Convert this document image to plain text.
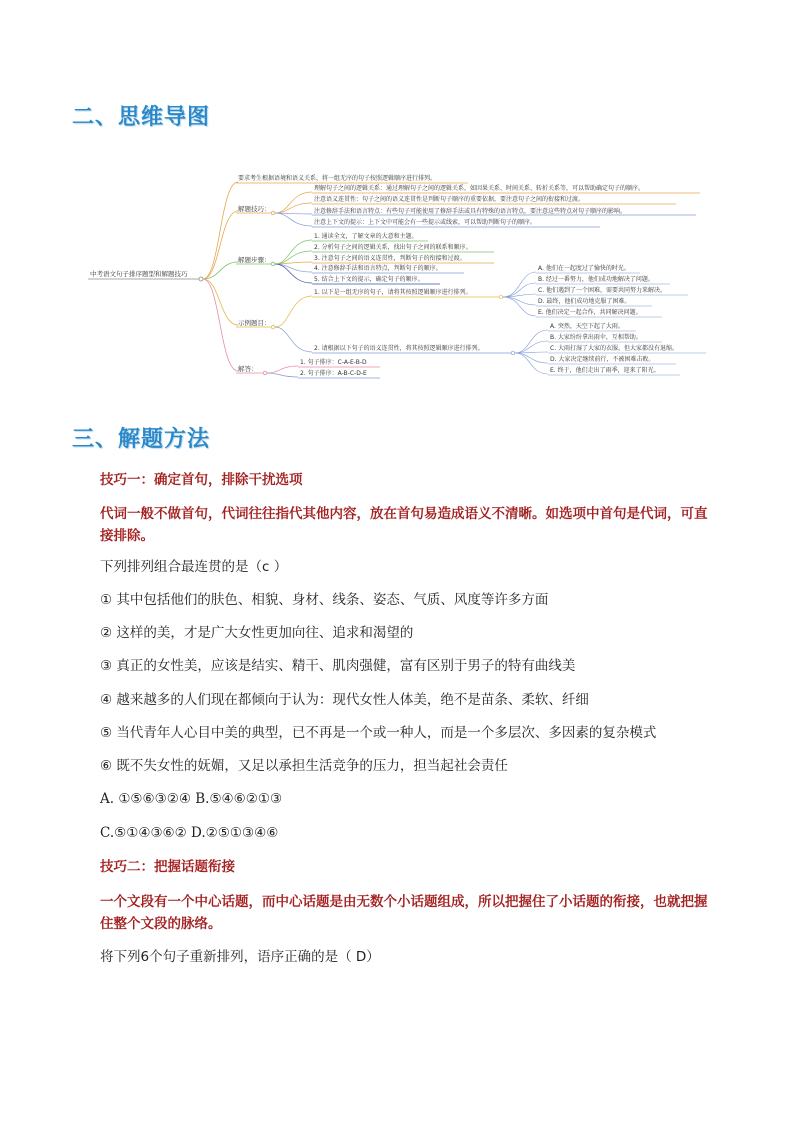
二、思维导图
中考语文句子排序题型和解题技巧
要求考生根据语境和语义关系，将一组无序的句子按照逻辑顺序进行排列。
解题技巧：
理解句子之间的逻辑关系：通过理解句子之间的逻辑关系，如因果关系、时间关系、转折关系等，可以帮助确定句子的顺序。
注意语义连贯性：句子之间的语义连贯性是判断句子顺序的重要依据，要注意句子之间的衔接和过渡。
注意修辞手法和语言特点：有些句子可能使用了修辞手法或具有特殊的语言特点，要注意这些特点对句子顺序的影响。
注意上下文的提示：上下文中可能会有一些提示或线索，可以帮助判断句子的顺序。
解题步骤：
1. 通读全文，了解文章的大意和主题。
2. 分析句子之间的逻辑关系，找出句子之间的联系和顺序。
3. 注意句子之间的语义连贯性，判断句子的衔接和过渡。
4. 注意修辞手法和语言特点，判断句子的顺序。
5. 结合上下文的提示，确定句子的顺序。
示例题目：
1. 以下是一组无序的句子，请将其按照逻辑顺序进行排列。
2. 请根据以下句子的语义连贯性，将其按照逻辑顺序进行排列。
A. 他们在一起度过了愉快的时光。
B. 经过一番努力，他们成功地解决了问题。
C. 他们遇到了一个困难，需要共同努力来解决。
D. 最终，他们成功地克服了困难。
E. 他们决定一起合作，共同解决问题。
A. 突然，天空下起了大雨。
B. 大家纷纷拿出雨伞，互相帮助。
C. 大雨打湿了大家的衣服，但大家都没有退缩。
D. 大家决定继续前行，不被困难击败。
E. 终于，他们走出了雨季，迎来了阳光。
解答：
1. 句子排序：C-A-E-B-D
2. 句子排序：A-B-C-D-E
三、解题方法
技巧一：确定首句，排除干扰选项
代词一般不做首句，代词往往指代其他内容，放在首句易造成语义不清晰。如选项中首句是代词，可直接排除。
下列排列组合最连贯的是（c ）
① 其中包括他们的肤色、相貌、身材、线条、姿态、气质、风度等许多方面
② 这样的美，才是广大女性更加向往、追求和渴望的
③ 真正的女性美，应该是结实、精干、肌肉强健，富有区别于男子的特有曲线美
④ 越来越多的人们现在都倾向于认为：现代女性人体美，绝不是苗条、柔软、纤细
⑤ 当代青年人心目中美的典型，已不再是一个或一种人，而是一个多层次、多因素的复杂模式
⑥ 既不失女性的妩媚，又足以承担生活竞争的压力，担当起社会责任
A. ①⑤⑥③②④ B.⑤④⑥②①③
C.⑤①④③⑥② D.②⑤①③④⑥
技巧二：把握话题衔接
一个文段有一个中心话题，而中心话题是由无数个小话题组成，所以把握住了小话题的衔接，也就把握住整个文段的脉络。
将下列6个句子重新排列，语序正确的是（ D）
